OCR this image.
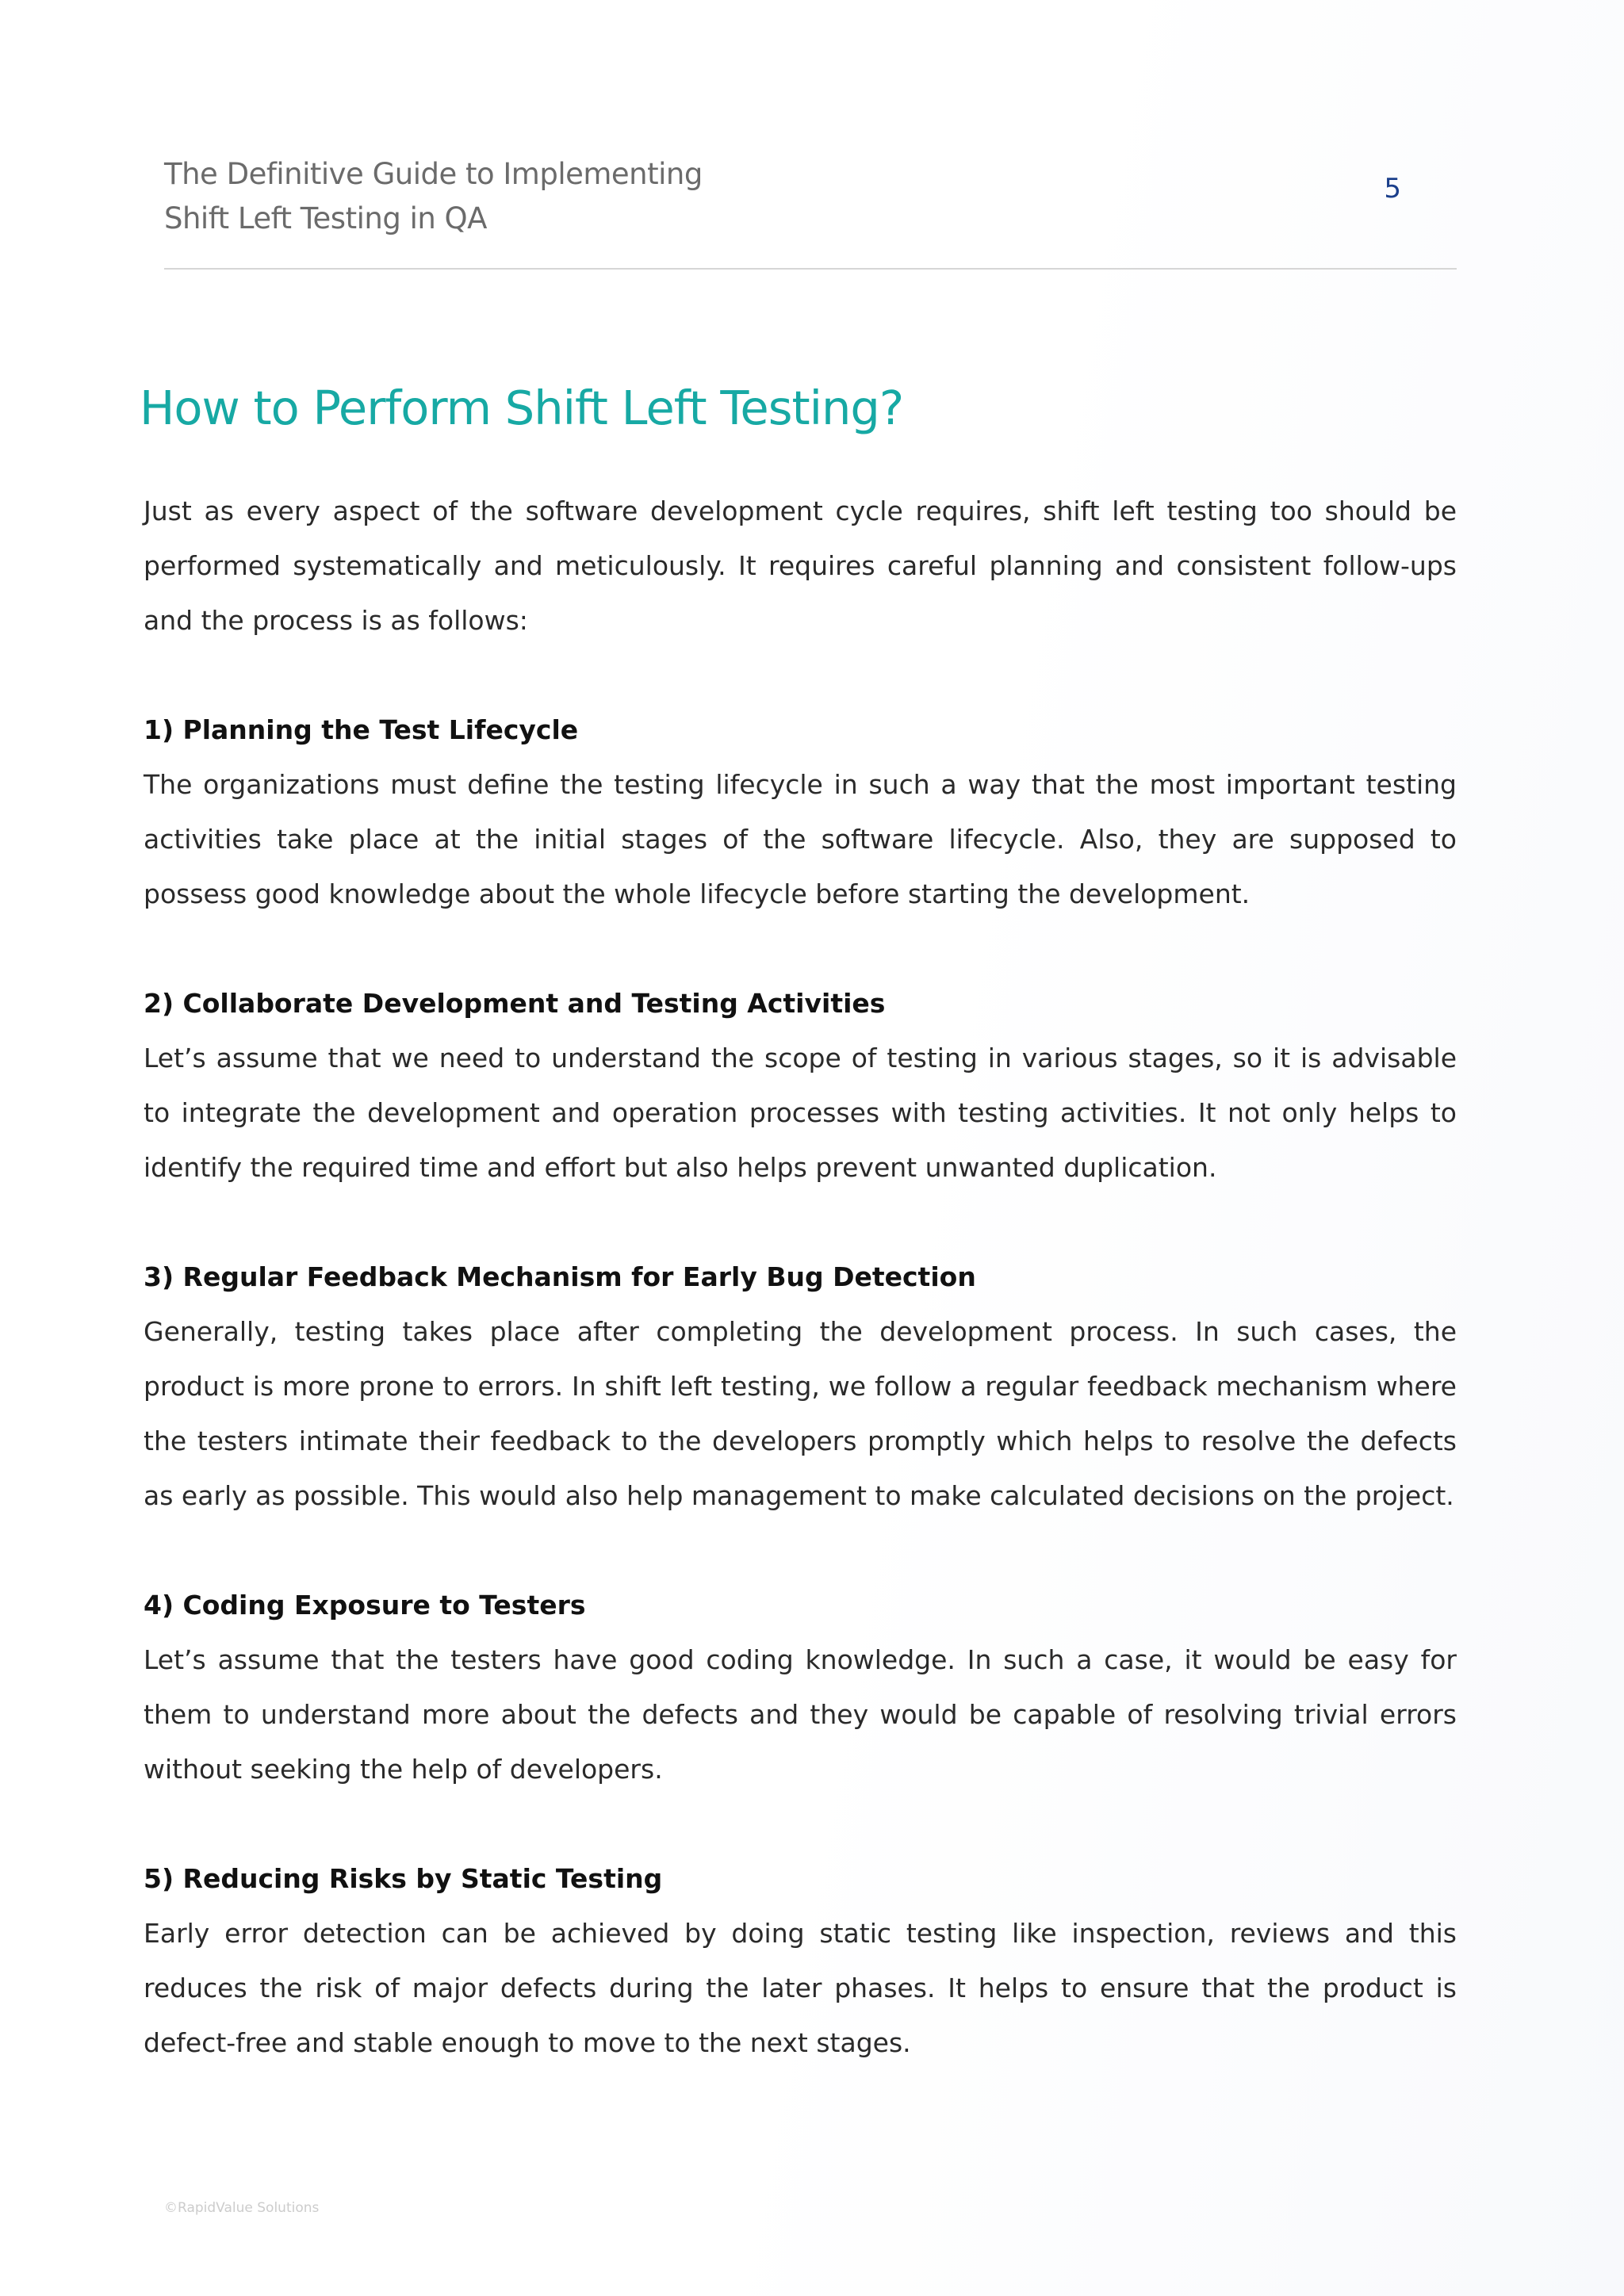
The Definitive Guide to Implementing
Shift Left Testing in QA
5
How to Perform Shift Left Testing?

Just as every aspect of the software development cycle requires, shift left testing too should be performed systematically and meticulously. It requires careful planning and consistent follow-ups and the process is as follows:

1) Planning the Test Lifecycle

The organizations must define the testing lifecycle in such a way that the most important testing activities take place at the initial stages of the software lifecycle. Also, they are supposed to possess good knowledge about the whole lifecycle before starting the development.

2) Collaborate Development and Testing Activities

Let’s assume that we need to understand the scope of testing in various stages, so it is advisable to integrate the development and operation processes with testing activities. It not only helps to identify the required time and effort but also helps prevent unwanted duplication.

3) Regular Feedback Mechanism for Early Bug Detection

Generally, testing takes place after completing the development process. In such cases, the product is more prone to errors. In shift left testing, we follow a regular feedback mechanism where the testers intimate their feedback to the developers promptly which helps to resolve the defects as early as possible. This would also help management to make calculated decisions on the project.

4) Coding Exposure to Testers

Let’s assume that the testers have good coding knowledge. In such a case, it would be easy for them to understand more about the defects and they would be capable of resolving trivial errors without seeking the help of developers.

5) Reducing Risks by Static Testing

Early error detection can be achieved by doing static testing like inspection, reviews and this reduces the risk of major defects during the later phases. It helps to ensure that the product is defect-free and stable enough to move to the next stages.

©RapidValue Solutions
